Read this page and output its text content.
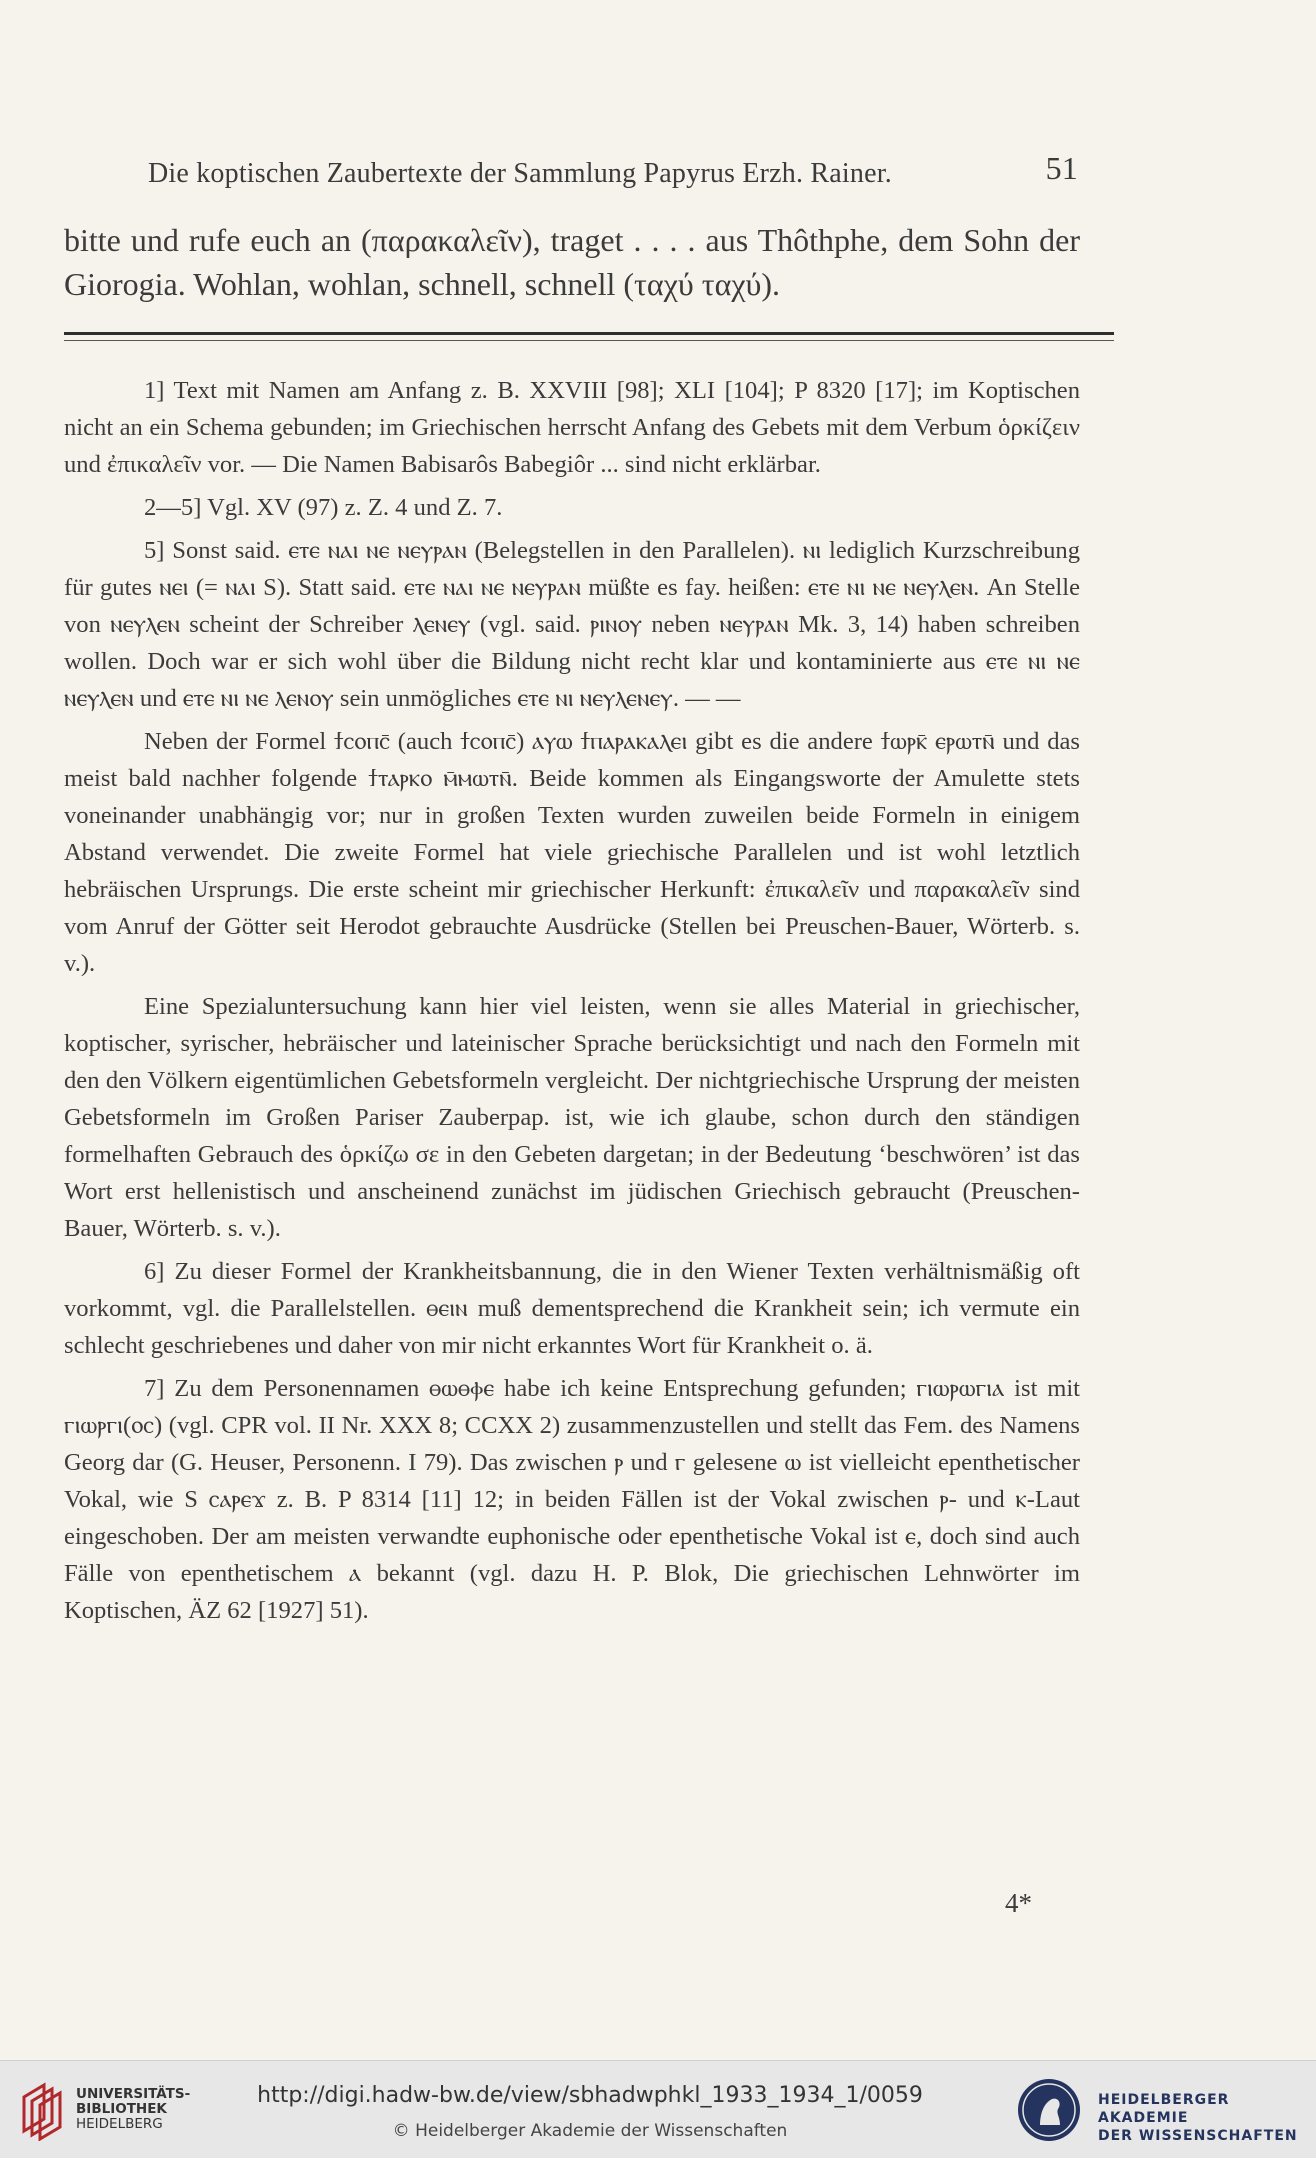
Die koptischen Zaubertexte der Sammlung Papyrus Erzh. Rainer.	51

bitte und rufe euch an (παρακαλεῖν), traget . . . . aus Thôthphe, dem Sohn der Giorogia. Wohlan, wohlan, schnell, schnell (ταχύ ταχύ).

1] Text mit Namen am Anfang z. B. XXVIII [98]; XLI [104]; P 8320 [17]; im Koptischen nicht an ein Schema gebunden; im Griechischen herrscht Anfang des Gebets mit dem Verbum ὁρκίζειν und ἐπικαλεῖν vor. — Die Namen Babisarôs Babegiôr ... sind nicht erklärbar.

2—5] Vgl. XV (97) z. Z. 4 und Z. 7.

5] Sonst said. ⲉⲧⲉ ⲛⲁⲓ ⲛⲉ ⲛⲉⲩⲣⲁⲛ (Belegstellen in den Parallelen). ⲛⲓ lediglich Kurzschreibung für gutes ⲛⲉⲓ (= ⲛⲁⲓ S). Statt said. ⲉⲧⲉ ⲛⲁⲓ ⲛⲉ ⲛⲉⲩⲣⲁⲛ müßte es fay. heißen: ⲉⲧⲉ ⲛⲓ ⲛⲉ ⲛⲉⲩⲗⲉⲛ. An Stelle von ⲛⲉⲩⲗⲉⲛ scheint der Schreiber ⲗⲉⲛⲉⲩ (vgl. said. ⲣⲓⲛⲟⲩ neben ⲛⲉⲩⲣⲁⲛ Mk. 3, 14) haben schreiben wollen. Doch war er sich wohl über die Bildung nicht recht klar und kontaminierte aus ⲉⲧⲉ ⲛⲓ ⲛⲉ ⲛⲉⲩⲗⲉⲛ und ⲉⲧⲉ ⲛⲓ ⲛⲉ ⲗⲉⲛⲟⲩ sein unmögliches ⲉⲧⲉ ⲛⲓ ⲛⲉⲩⲗⲉⲛⲉⲩ. — —

Neben der Formel ϯⲥⲟⲡⲥ̄ (auch ϯⲥⲟⲡⲥ̄) ⲁⲩⲱ ϯⲡⲁⲣⲁⲕⲁⲗⲉⲓ gibt es die andere ϯⲱⲣⲕ̄ ⲉⲣⲱⲧⲛ̄ und das meist bald nachher folgende ϯⲧⲁⲣⲕⲟ ⲙ̄ⲙⲱⲧⲛ̄. Beide kommen als Eingangsworte der Amulette stets voneinander unabhängig vor; nur in großen Texten wurden zuweilen beide Formeln in einigem Abstand verwendet. Die zweite Formel hat viele griechische Parallelen und ist wohl letztlich hebräischen Ursprungs. Die erste scheint mir griechischer Herkunft: ἐπικαλεῖν und παρακαλεῖν sind vom Anruf der Götter seit Herodot gebrauchte Ausdrücke (Stellen bei Preuschen-Bauer, Wörterb. s. v.).

Eine Spezialuntersuchung kann hier viel leisten, wenn sie alles Material in griechischer, koptischer, syrischer, hebräischer und lateinischer Sprache berücksichtigt und nach den Formeln mit den den Völkern eigentümlichen Gebetsformeln vergleicht. Der nichtgriechische Ursprung der meisten Gebetsformeln im Großen Pariser Zauberpap. ist, wie ich glaube, schon durch den ständigen formelhaften Gebrauch des ὁρκίζω σε in den Gebeten dargetan; in der Bedeutung ‘beschwören’ ist das Wort erst hellenistisch und anscheinend zunächst im jüdischen Griechisch gebraucht (Preuschen-Bauer, Wörterb. s. v.).

6] Zu dieser Formel der Krankheitsbannung, die in den Wiener Texten verhältnismäßig oft vorkommt, vgl. die Parallelstellen. ⲑⲉⲓⲛ muß dementsprechend die Krankheit sein; ich vermute ein schlecht geschriebenes und daher von mir nicht erkanntes Wort für Krankheit o. ä.

7] Zu dem Personennamen ⲑⲱⲑⲫⲉ habe ich keine Entsprechung gefunden; ⲅⲓⲱⲣⲱⲅⲓⲁ ist mit ⲅⲓⲱⲣⲅⲓ(ⲟⲥ) (vgl. CPR vol. II Nr. XXX 8; CCXX 2) zusammenzustellen und stellt das Fem. des Namens Georg dar (G. Heuser, Personenn. I 79). Das zwischen ⲣ und ⲅ gelesene ⲱ ist vielleicht epenthetischer Vokal, wie S ⲥⲁⲣⲉϫ z. B. P 8314 [11] 12; in beiden Fällen ist der Vokal zwischen ⲣ- und ⲕ-Laut eingeschoben. Der am meisten verwandte euphonische oder epenthetische Vokal ist ⲉ, doch sind auch Fälle von epenthetischem ⲁ bekannt (vgl. dazu H. P. Blok, Die griechischen Lehnwörter im Koptischen, ÄZ 62 [1927] 51).

4*
UNIVERSITÄTS-
BIBLIOTHEK
HEIDELBERG
http://digi.hadw-bw.de/view/sbhadwphkl_1933_1934_1/0059
© Heidelberger Akademie der Wissenschaften
HEIDELBERGER AKADEMIE
DER WISSENSCHAFTEN
